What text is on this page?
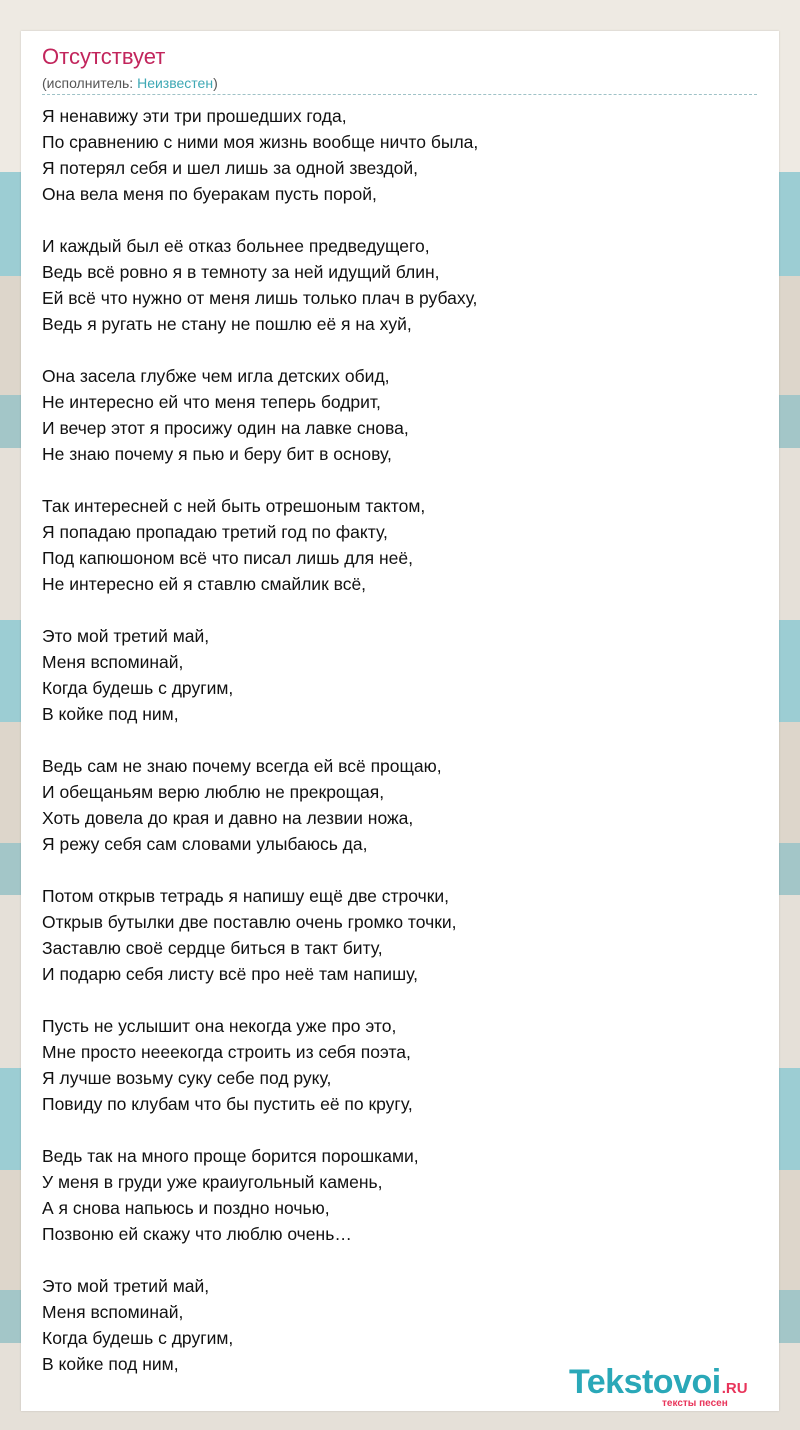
Отсутствует
(исполнитель: Неизвестен)
Я ненавижу эти три прошедших года,
По сравнению с ними моя жизнь вообще ничто была,
Я потерял себя и шел лишь за одной звездой,
Она вела меня по буеракам пусть порой,
И каждый был её отказ больнее предведущего,
Ведь всё ровно я в темноту за ней идущий блин,
Ей всё что нужно от меня лишь только плач в рубаху,
Ведь я ругать не стану не пошлю её я на хуй,
Она засела глубже чем игла детских обид,
Не интересно ей что меня теперь бодрит,
И вечер этот я просижу один на лавке снова,
Не знаю почему я пью и беру бит в основу,
Так интересней с ней быть отрешоным тактом,
Я попадаю пропадаю третий год по факту,
Под капюшоном всё что писал лишь для неё,
Не интересно ей я ставлю смайлик всё,
Это мой третий май,
Меня вспоминай,
Когда будешь с другим,
В койке под ним,
Ведь сам не знаю почему всегда ей всё прощаю,
И обещаньям верю люблю не прекрощая,
Хоть довела до края и давно на лезвии ножа,
Я режу себя сам словами улыбаюсь да,
Потом открыв тетрадь я напишу ещё две строчки,
Открыв бутылки две поставлю очень громко точки,
Заставлю своё сердце биться в такт биту,
И подарю себя листу всё про неё там напишу,
Пусть не услышит она некогда уже про это,
Мне просто нееекогда строить из себя поэта,
Я лучше возьму суку себе под руку,
Повиду по клубам что бы пустить её по кругу,
Ведь так на много проще борится порошками,
У меня в груди уже краиугольный камень,
А я снова напьюсь и поздно ночью,
Позвоню ей скажу что люблю очень…
Это мой третий май,
Меня вспоминай,
Когда будешь с другим,
В койке под ним,	Tekstovoi.RU
тексты песен
